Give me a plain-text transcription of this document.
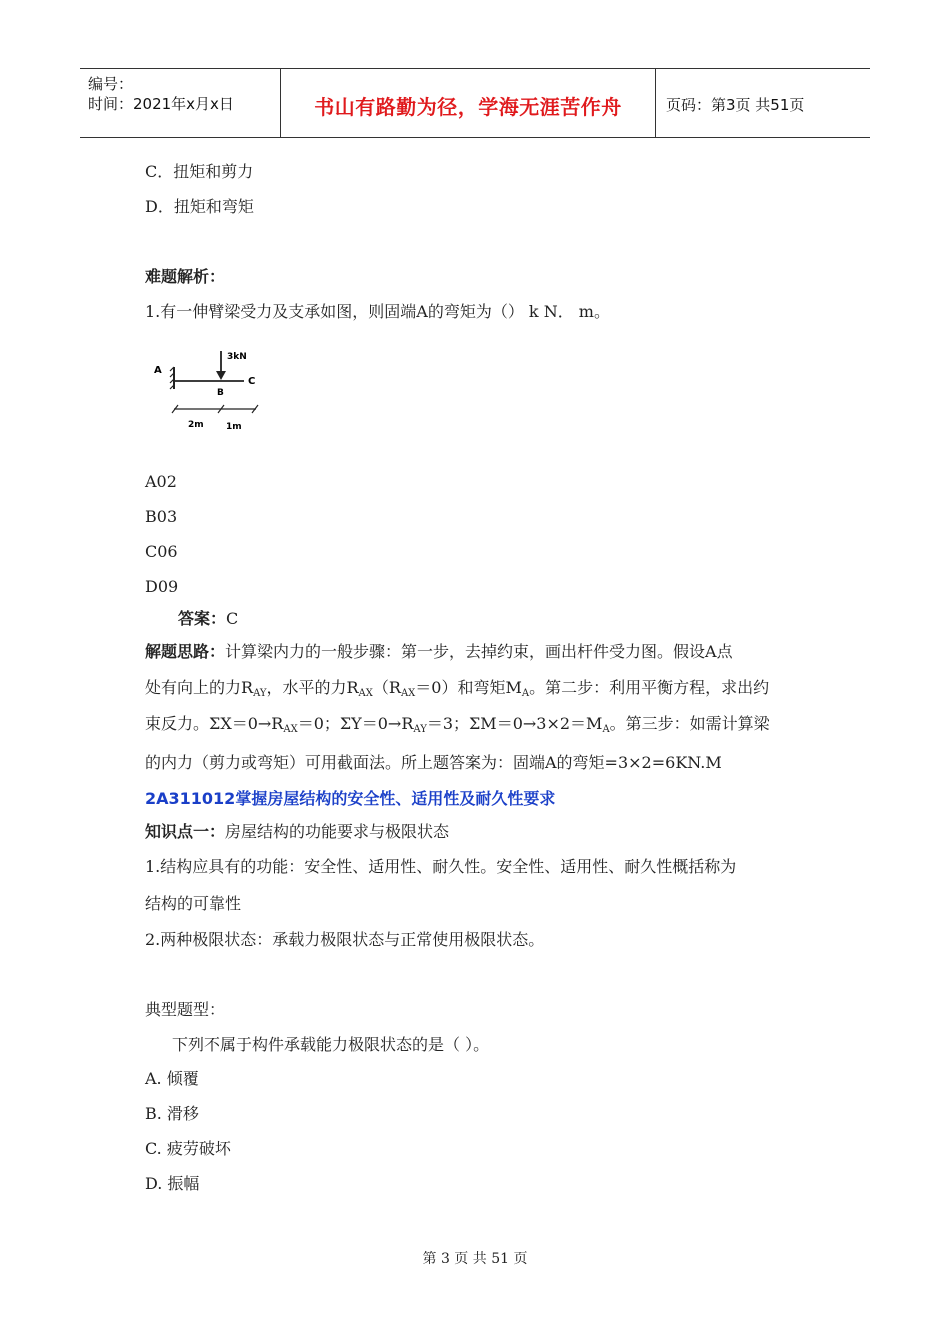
编号：
时间：2021年x月x日	书山有路勤为径，学海无涯苦作舟	页码：第3页 共51页
C．扭矩和剪力
D．扭矩和弯矩
难题解析：
1.有一伸臂梁受力及支承如图，则固端A的弯矩为（） k N． m。
A
3kN
C
B
2m 1m
A02
B03
C06
D09
答案：C
解题思路：计算梁内力的一般步骤：第一步，去掉约束，画出杆件受力图。假设A点
处有向上的力RAY，水平的力RAX（RAX＝0）和弯矩MA。第二步：利用平衡方程，求出约
束反力。ΣX＝0→RAX＝0；ΣY＝0→RAY＝3；ΣM＝0→3×2＝MA。第三步：如需计算梁
的内力（剪力或弯矩）可用截面法。所上题答案为：固端A的弯矩=3×2=6KN.M
2A311012掌握房屋结构的安全性、适用性及耐久性要求
知识点一：房屋结构的功能要求与极限状态
1.结构应具有的功能：安全性、适用性、耐久性。安全性、适用性、耐久性概括称为
结构的可靠性
2.两种极限状态：承载力极限状态与正常使用极限状态。
典型题型：
下列不属于构件承载能力极限状态的是（ ）。
A. 倾覆
B. 滑移
C. 疲劳破坏
D. 振幅
第 3 页 共 51 页
